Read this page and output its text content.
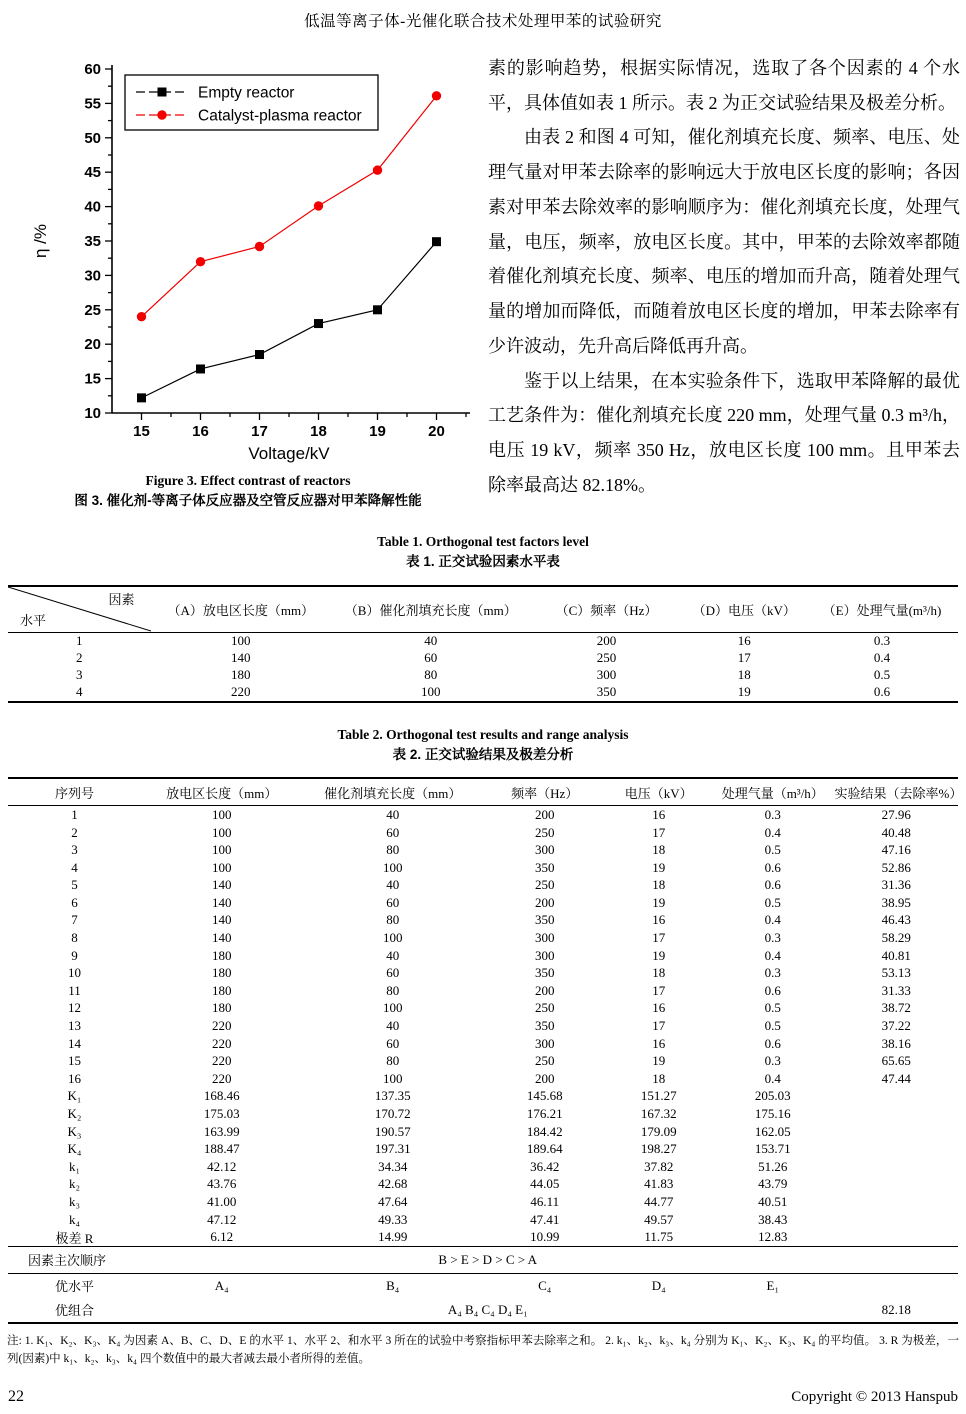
低温等离子体-光催化联合技术处理甲苯的试验研究
10
15
20
25
30
35
40
45
50
55
60
15	16	17	18	19	20
Voltage/kV
η /%
Empty reactor
Catalyst-plasma reactor
Figure 3. Effect contrast of reactors
图 3. 催化剂-等离子体反应器及空管反应器对甲苯降解性能

素的影响趋势，根据实际情况，选取了各个因素的 4 个水平，具体值如表 1 所示。表 2 为正交试验结果及极差分析。

由表 2 和图 4 可知，催化剂填充长度、频率、电压、处理气量对甲苯去除率的影响远大于放电区长度的影响；各因素对甲苯去除效率的影响顺序为：催化剂填充长度，处理气量，电压，频率，放电区长度。其中，甲苯的去除效率都随着催化剂填充长度、频率、电压的增加而升高，随着处理气量的增加而降低，而随着放电区长度的增加，甲苯去除率有少许波动，先升高后降低再升高。

鉴于以上结果，在本实验条件下，选取甲苯降解的最优工艺条件为：催化剂填充长度 220 mm，处理气量 0.3 m³/h，电压 19 kV，频率 350 Hz，放电区长度 100 mm。且甲苯去除率最高达 82.18%。

Table 1. Orthogonal test factors level
表 1. 正交试验因素水平表
因素
水平
（A）放电区长度（mm）	（B）催化剂填充长度（mm）	（C）频率（Hz）	（D）电压（kV）	（E）处理气量(m³/h)
1	100	40	200	16	0.3
2	140	60	250	17	0.4
3	180	80	300	18	0.5
4	220	100	350	19	0.6
Table 2. Orthogonal test results and range analysis
表 2. 正交试验结果及极差分析
序列号	放电区长度（mm）	催化剂填充长度（mm）	频率（Hz）	电压（kV）	处理气量（m³/h） 实验结果（去除率%）
1	100	40	200	16	0.3	27.96
2	100	60	250	17	0.4	40.48
3	100	80	300	18	0.5	47.16
4	100	100	350	19	0.6	52.86
5	140	40	250	18	0.6	31.36
6	140	60	200	19	0.5	38.95
7	140	80	350	16	0.4	46.43
8	140	100	300	17	0.3	58.29
9	180	40	300	19	0.4	40.81
10	180	60	350	18	0.3	53.13
11	180	80	200	17	0.6	31.33
12	180	100	250	16	0.5	38.72
13	220	40	350	17	0.5	37.22
14	220	60	300	16	0.6	38.16
15	220	80	250	19	0.3	65.65
16	220	100	200	18	0.4	47.44
K₁	168.46	137.35	145.68	151.27	205.03
K₂	175.03	170.72	176.21	167.32	175.16
K₃	163.99	190.57	184.42	179.09	162.05
K₄	188.47	197.31	189.64	198.27	153.71
k₁	42.12	34.34	36.42	37.82	51.26
k₂	43.76	42.68	44.05	41.83	43.79
k₃	41.00	47.64	46.11	44.77	40.51
k₄	47.12	49.33	47.41	49.57	38.43
极差 R	6.12	14.99	10.99	11.75	12.83
因素主次顺序	B > E > D > C > A
优水平	A₄	B₄	C₄	D₄	E₁
优组合	A₄ B₄ C₄ D₄ E₁	82.18
注: 1. K₁、K₂、K₃、K₄ 为因素 A、B、C、D、E 的水平 1、水平 2、和水平 3 所在的试验中考察指标甲苯去除率之和。 2. k₁、k₂、k₃、k₄ 分别为 K₁、K₂、K₃、K₄ 的平均值。 3. R 为极差，一列(因素)中 k₁、k₂、k₃、k₄ 四个数值中的最大者减去最小者所得的差值。
22	Copyright © 2013 Hanspub
